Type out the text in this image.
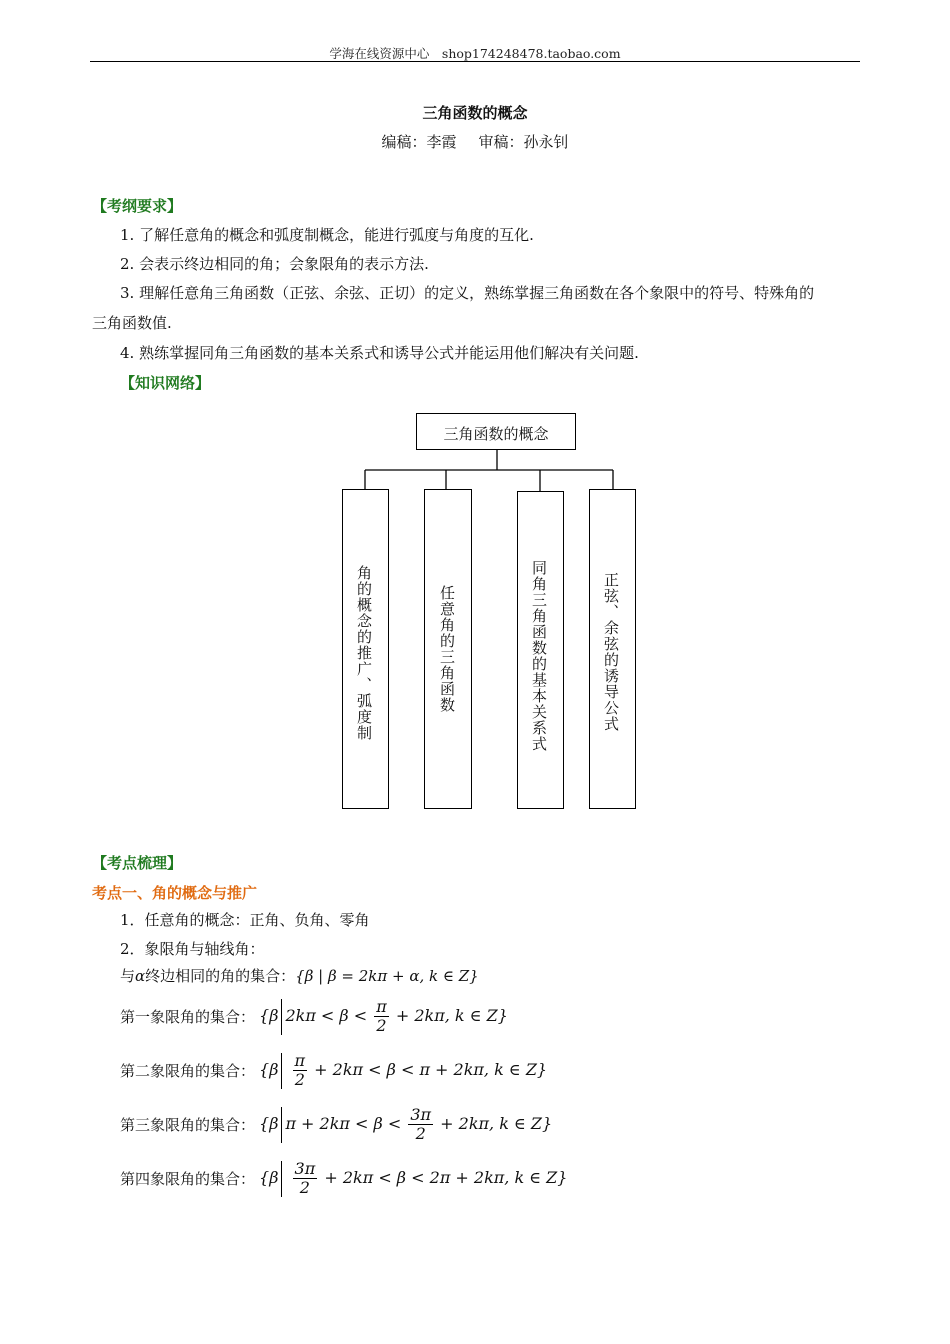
学海在线资源中心　shop174248478.taobao.com
三角函数的概念
编稿：李霞 审稿：孙永钊
【考纲要求】
1. 了解任意角的概念和弧度制概念，能进行弧度与角度的互化.
2. 会表示终边相同的角；会象限角的表示方法.
3. 理解任意角三角函数（正弦、余弦、正切）的定义，熟练掌握三角函数在各个象限中的符号、特殊角的
三角函数值.
4. 熟练掌握同角三角函数的基本关系式和诱导公式并能运用他们解决有关问题.
【知识网络】
三角函数的概念
角的概念的推广、弧度制	任意角的三角函数	同角三角函数的基本关系式	正弦、余弦的诱导公式
【考点梳理】
考点一、角的概念与推广
1．任意角的概念：正角、负角、零角
2．象限角与轴线角：
与α终边相同的角的集合：{β | β = 2kπ + α, k ∈ Z}
第一象限角的集合： {β $2k\pi < \beta < \frac{\pi}{2} + 2k\pi$, k ∈ Z}
第二象限角的集合： {$\beta \frac{\pi}{2} + 2k\pi < \beta < \pi + 2k\pi$, k ∈ Z}
第三象限角的集合： {β $\pi + 2k\pi < \beta < \frac{3\pi}{2} + 2k\pi$, k ∈ Z}
第四象限角的集合： {$\beta \frac{3\pi}{2} + 2k\pi < \beta < 2\pi + 2k\pi$, k ∈ Z}
